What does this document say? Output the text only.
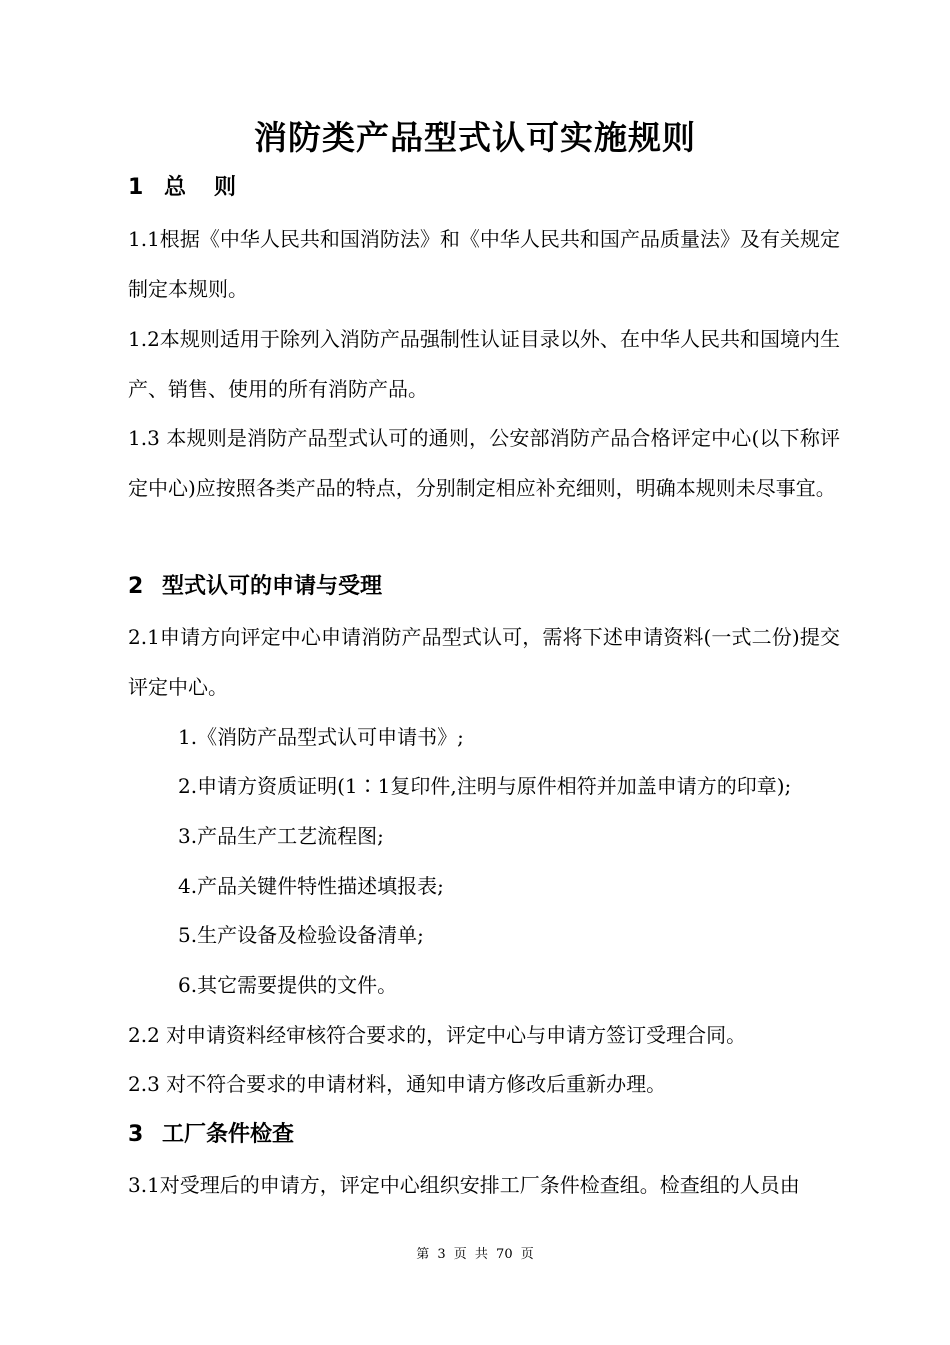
消防类产品型式认可实施规则
1 总则
1.1根据《中华人民共和国消防法》和《中华人民共和国产品质量法》及有关规定制定本规则。
1.2本规则适用于除列入消防产品强制性认证目录以外、在中华人民共和国境内生产、销售、使用的所有消防产品。
1.3 本规则是消防产品型式认可的通则，公安部消防产品合格评定中心(以下称评定中心)应按照各类产品的特点，分别制定相应补充细则，明确本规则未尽事宜。
2 型式认可的申请与受理
2.1申请方向评定中心申请消防产品型式认可，需将下述申请资料(一式二份)提交评定中心。
1.《消防产品型式认可申请书》;
2.申请方资质证明(1∶1复印件,注明与原件相符并加盖申请方的印章);
3.产品生产工艺流程图;
4.产品关键件特性描述填报表;
5.生产设备及检验设备清单;
6.其它需要提供的文件。
2.2 对申请资料经审核符合要求的，评定中心与申请方签订受理合同。
2.3 对不符合要求的申请材料，通知申请方修改后重新办理。
3 工厂条件检查
3.1对受理后的申请方，评定中心组织安排工厂条件检查组。检查组的人员由
第 3 页 共 70 页
